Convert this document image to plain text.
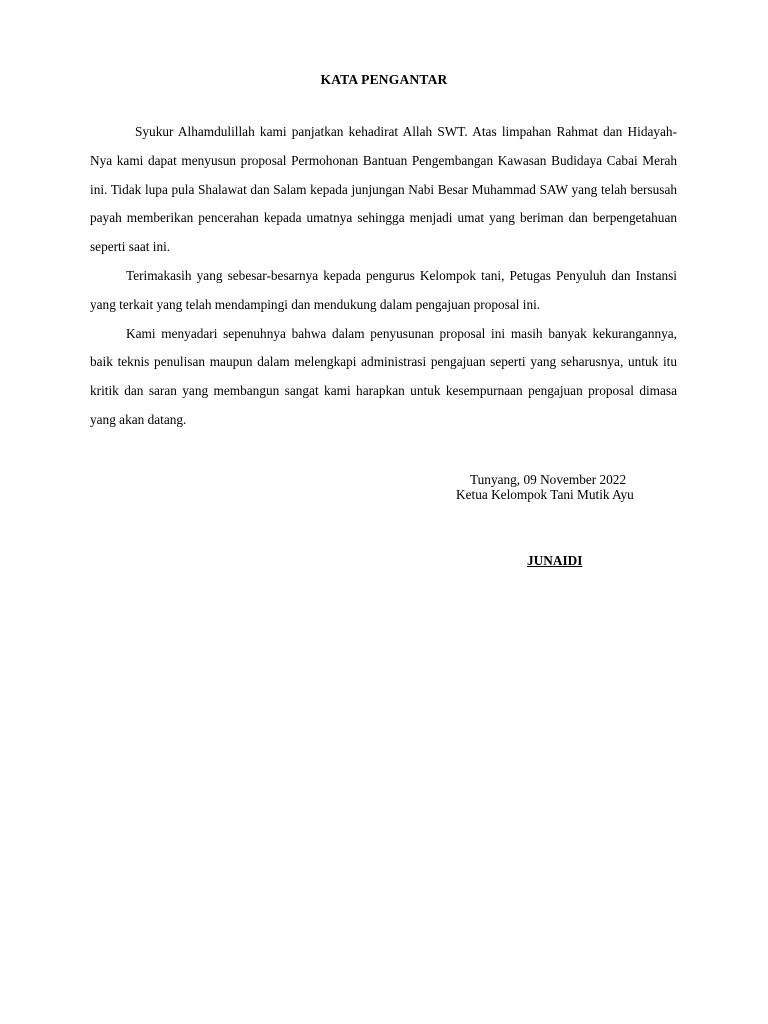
KATA PENGANTAR

Syukur Alhamdulillah kami panjatkan kehadirat Allah SWT. Atas limpahan Rahmat dan Hidayah-Nya kami dapat menyusun proposal Permohonan Bantuan Pengembangan Kawasan Budidaya Cabai Merah ini. Tidak lupa pula Shalawat dan Salam kepada junjungan Nabi Besar Muhammad SAW yang telah bersusah payah memberikan pencerahan kepada umatnya sehingga menjadi umat yang beriman dan berpengetahuan seperti saat ini.

Terimakasih yang sebesar-besarnya kepada pengurus Kelompok tani, Petugas Penyuluh dan Instansi yang terkait yang telah mendampingi dan mendukung dalam pengajuan proposal ini.

Kami menyadari sepenuhnya bahwa dalam penyusunan proposal ini masih banyak kekurangannya, baik teknis penulisan maupun dalam melengkapi administrasi pengajuan seperti yang seharusnya, untuk itu kritik dan saran yang membangun sangat kami harapkan untuk kesempurnaan pengajuan proposal dimasa yang akan datang.

Tunyang, 09 November 2022
Ketua Kelompok Tani Mutik Ayu
JUNAIDI
